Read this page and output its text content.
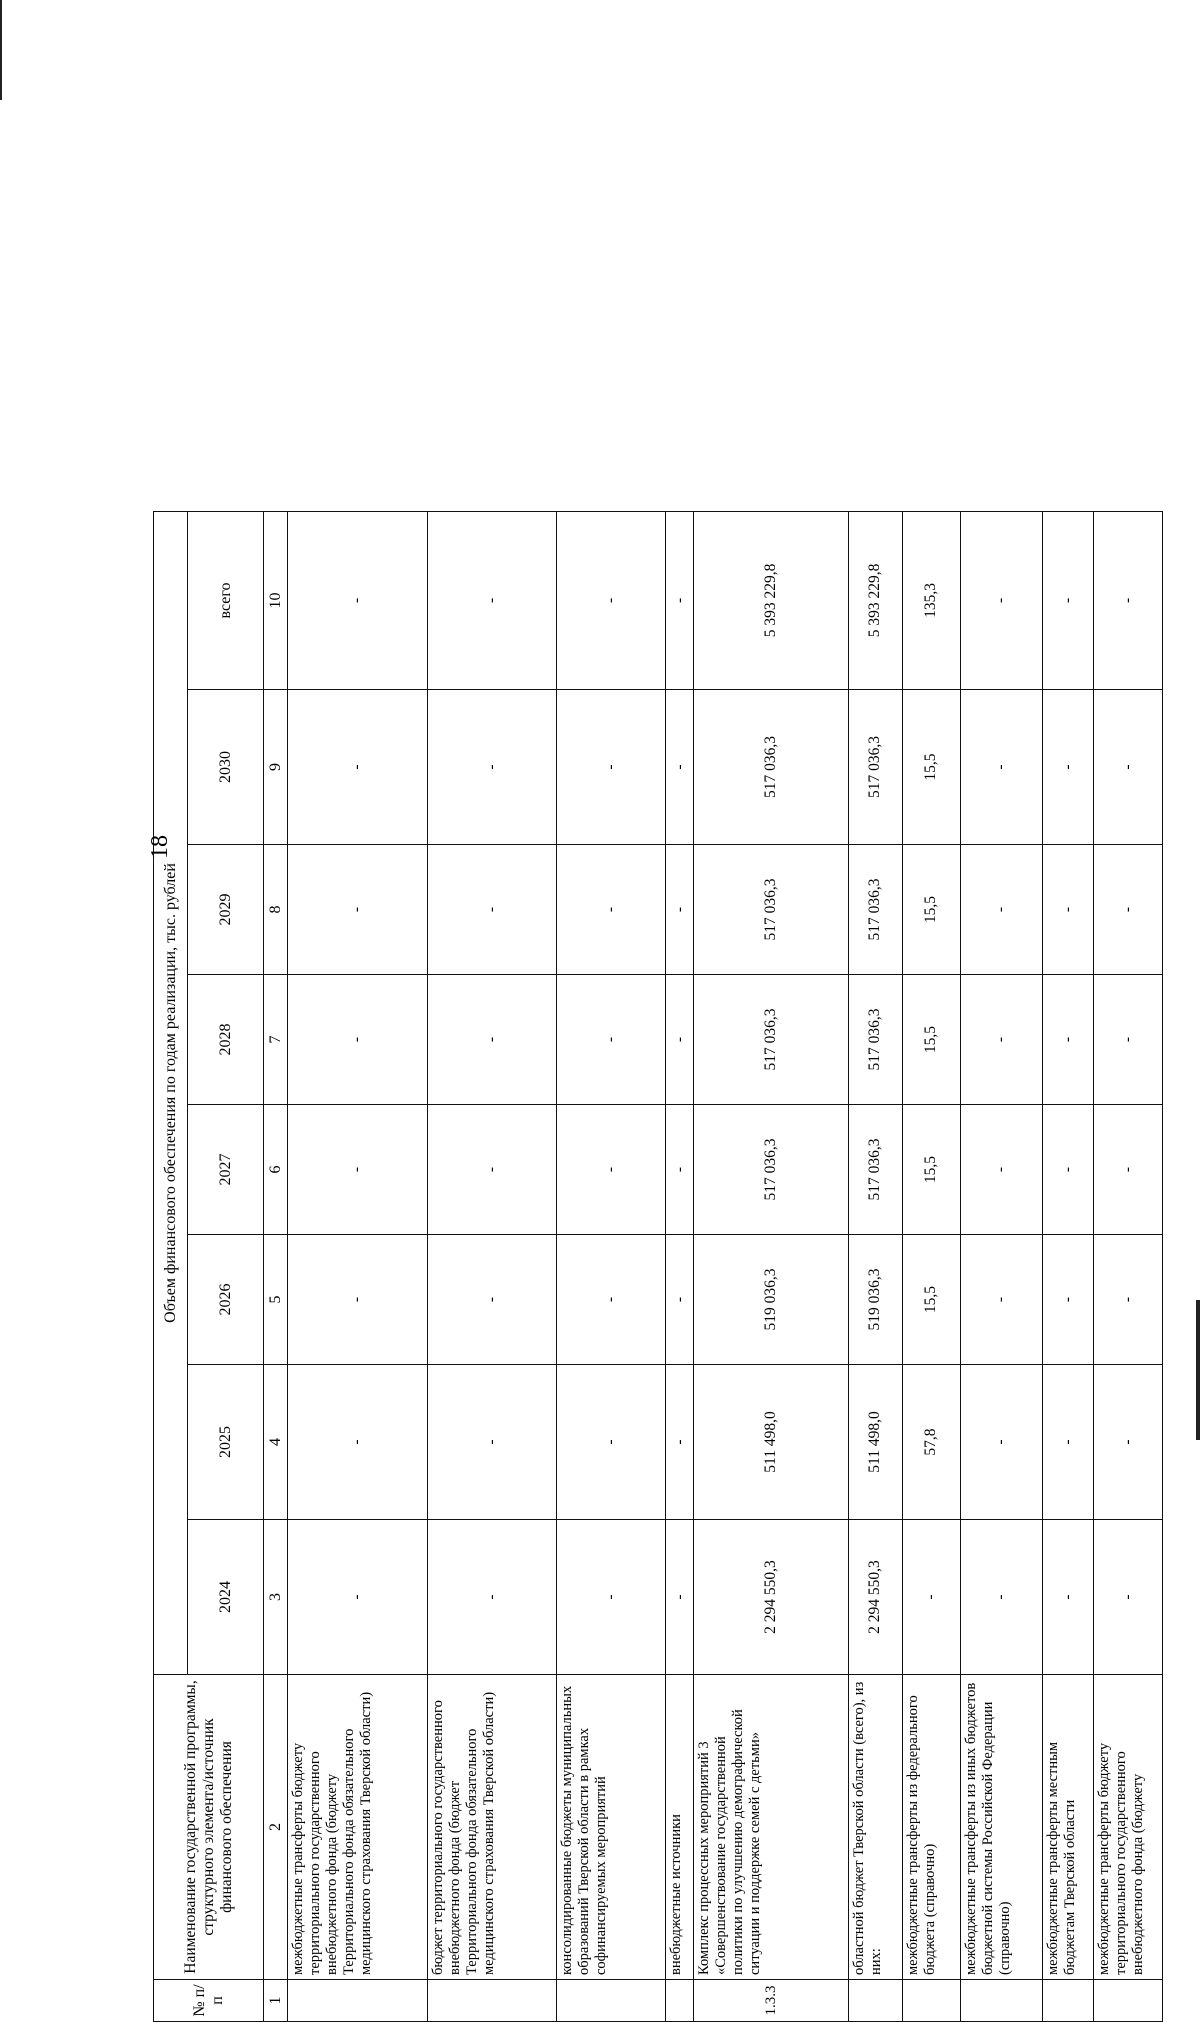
18
№ п/п	Наименование государственной программы, структурного элемента/источник финансового обеспечения	Объем финансового обеспечения по годам реализации, тыс. рублей							
		2024	2025	2026	2027	2028	2029	2030	всего
1	2	3	4	5	6	7	8	9	10
	межбюджетные трансферты бюджету территориального государственного внебюджетного фонда (бюджету Территориального фонда обязательного медицинского страхования Тверской области)	-	-	-	-	-	-	-	-
	бюджет территориального государственного внебюджетного фонда (бюджет Территориального фонда обязательного медицинского страхования Тверской области)	-	-	-	-	-	-	-	-
	консолидированные бюджеты муниципальных образований Тверской области в рамках софинансируемых мероприятий	-	-	-	-	-	-	-	-
	внебюджетные источники	-	-	-	-	-	-	-	-
1.3.3	Комплекс процессных мероприятий 3 «Совершенствование государственной политики по улучшению демографической ситуации и поддержке семей с детьми»	2 294 550,3	511 498,0	519 036,3	517 036,3	517 036,3	517 036,3	517 036,3	5 393 229,8
	областной бюджет Тверской области (всего), из них:	2 294 550,3	511 498,0	519 036,3	517 036,3	517 036,3	517 036,3	517 036,3	5 393 229,8
	межбюджетные трансферты из федерального бюджета (справочно)	-	57,8	15,5	15,5	15,5	15,5	15,5	135,3
	межбюджетные трансферты из иных бюджетов бюджетной системы Российской Федерации (справочно)	-	-	-	-	-	-	-	-
	межбюджетные трансферты местным бюджетам Тверской области	-	-	-	-	-	-	-	-
	межбюджетные трансферты бюджету территориального государственного внебюджетного фонда (бюджету	-	-	-	-	-	-	-	-
